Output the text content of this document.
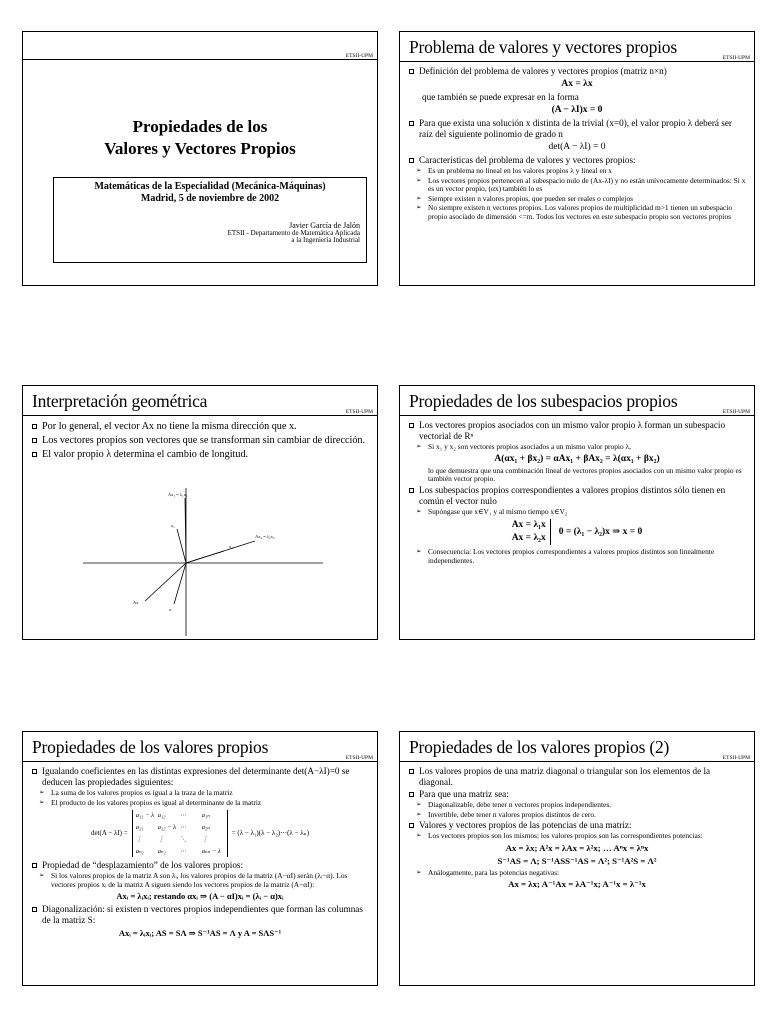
ETSII-UPM
Propiedades de los
Valores y Vectores Propios
Matemáticas de la Especialidad (Mecánica-Máquinas)
Madrid, 5 de noviembre de 2002
Javier García de Jalón
ETSII - Departamento de Matemática Aplicada
a la Ingeniería Industrial
Problema de valores y vectores propios
ETSII-UPM
Definición del problema de valores y vectores propios (matriz n×n)
Ax = λx
que también se puede expresar en la forma
(A − λI)x = 0
Para que exista una solución x distinta de la trivial (x=0), el valor propio λ deberá ser raíz del siguiente polinomio de grado n
det(A − λI) = 0
Características del problema de valores y vectores propios:
➢ Es un problema no lineal en los valores propios λ y lineal en x
➢ Los vectores propios pertenecen al subespacio nulo de (Ax-λI) y no están unívocamente determinados: Si x es un vector propio, (αx) también lo es
➢ Siempre existen n valores propios, que pueden ser reales o complejos
➢ No siempre existen n vectores propios. Los valores propios de multiplicidad m>1 tienen un subespacio propio asociado de dimensión <=m. Todos los vectores en este subespacio propio son vectores propios
Interpretación geométrica
ETSII-UPM
Por lo general, el vector Ax no tiene la misma dirección que x.
Los vectores propios son vectores que se transforman sin cambiar de dirección.
El valor propio λ determina el cambio de longitud.
Ax₁ = λ₁x₁
x₁
Ax₂ = λ₂x₂
x₂
Ax
x
Propiedades de los subespacios propios
ETSII-UPM
Los vectores propios asociados con un mismo valor propio λ forman un subespacio vectorial de Rⁿ
➢ Si x₁ y x₂ son vectores propios asociados a un mismo valor propio λ,
A(αx₁ + βx₂) = αAx₁ + βAx₂ = λ(αx₁ + βx₂)
lo que demuestra que una combinación lineal de vectores propios asociados con un mismo valor propio es también vector propio.
Los subespacios propios correspondientes a valores propios distintos sólo tienen en común el vector nulo
➢ Supóngase que x∈V₁ y al mismo tiempo x∈V₂
Ax = λ₁x
Ax = λ₂x
0 = (λ₁ − λ₂)x ⇒ x = 0
➢ Consecuencia: Los vectores propios correspondientes a valores propios distintos son linealmente independientes.
Propiedades de los valores propios
ETSII-UPM
Igualando coeficientes en las distintas expresiones del determinante det(A−λI)=0 se deducen las propiedades siguientes:
➢ La suma de los valores propios es igual a la traza de la matriz
➢ El producto de los valores propios es igual al determinante de la matriz
det(A − λI) =
a₁₁ − λ a₁₂	⋯	a₁ₙ
a₂₁	a₂₂ − λ ⋯	a₂ₙ
⋮	⋮	⋱	⋮
aₙ₁	aₙ₂	⋯	aₙₙ − λ
= (λ − λ₁)(λ − λ₂)⋯(λ − λₙ)
Propiedad de “desplazamiento” de los valores propios:
➢ Si los valores propios de la matriz A son λᵢ, los valores propios de la matriz (A−αI) serán (λᵢ−α). Los vectores propios xᵢ de la matriz A siguen siendo los vectores propios de la matriz (A−αI):
Axᵢ = λᵢxᵢ; restando αxᵢ ⇒ (A − αI)xᵢ = (λᵢ − α)xᵢ
Diagonalización: si existen n vectores propios independientes que forman las columnas de la matriz S:
Axᵢ = λᵢxᵢ; AS = SΛ ⇒ S⁻¹AS = Λ y A = SΛS⁻¹
Propiedades de los valores propios (2)
ETSII-UPM
Los valores propios de una matriz diagonal o triangular son los elementos de la diagonal.
Para que una matriz sea:
➢ Diagonalizable, debe tener n vectores propios independientes.
➢ Invertible, debe tener n valores propios distintos de cero.
Valores y vectores propios de las potencias de una matriz:
➢ Los vectores propios son los mismos; los valores propios son las correspondientes potencias:
Ax = λx; A²x = λAx = λ²x; … Aⁿx = λⁿx
S⁻¹AS = Λ; S⁻¹ASS⁻¹AS = Λ²; S⁻¹A²S = Λ²
➢ Análogamente, para las potencias negativas:
Ax = λx; A⁻¹Ax = λA⁻¹x; A⁻¹x = λ⁻¹x
